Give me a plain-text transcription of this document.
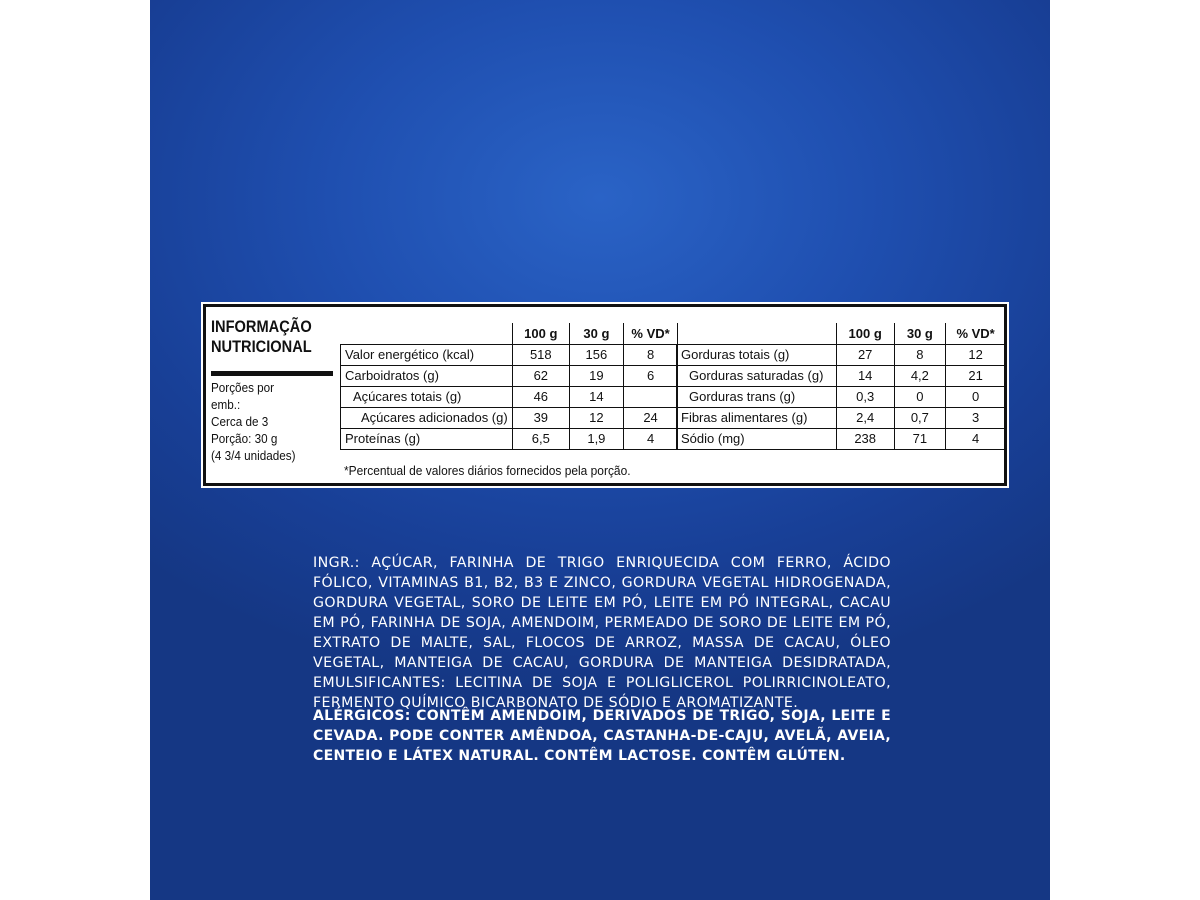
INFORMAÇÃO
NUTRICIONAL
Porções por
emb.:
Cerca de 3
Porção: 30 g
(4 3/4 unidades)
	100 g	30 g	% VD*
Valor energético (kcal)	518	156	8
Carboidratos (g)	62	19	6
Açúcares totais (g)	46	14	
Açúcares adicionados (g)	39	12	24
Proteínas (g)	6,5	1,9	4
	100 g	30 g	% VD*
Gorduras totais (g)	27	8	12
Gorduras saturadas (g)	14	4,2	21
Gorduras trans (g)	0,3	0	0
Fibras alimentares (g)	2,4	0,7	3
Sódio (mg)	238	71	4
*Percentual de valores diários fornecidos pela porção.
INGR.: AÇÚCAR, FARINHA DE TRIGO ENRIQUECIDA COM FERRO, ÁCIDO FÓLICO, VITAMINAS B1, B2, B3 E ZINCO, GORDURA VEGETAL HIDROGENADA, GORDURA VEGETAL, SORO DE LEITE EM PÓ, LEITE EM PÓ INTEGRAL, CACAU EM PÓ, FARINHA DE SOJA, AMENDOIM, PERMEADO DE SORO DE LEITE EM PÓ, EXTRATO DE MALTE, SAL, FLOCOS DE ARROZ, MASSA DE CACAU, ÓLEO VEGETAL, MANTEIGA DE CACAU, GORDURA DE MANTEIGA DESIDRATADA, EMULSIFICANTES: LECITINA DE SOJA E POLIGLICEROL POLIRRICINOLEATO, FERMENTO QUÍMICO BICARBONATO DE SÓDIO E AROMATIZANTE.
ALÉRGICOS: CONTÊM AMENDOIM, DERIVADOS DE TRIGO, SOJA, LEITE E CEVADA. PODE CONTER AMÊNDOA, CASTANHA-DE-CAJU, AVELÃ, AVEIA, CENTEIO E LÁTEX NATURAL. CONTÊM LACTOSE. CONTÊM GLÚTEN.
